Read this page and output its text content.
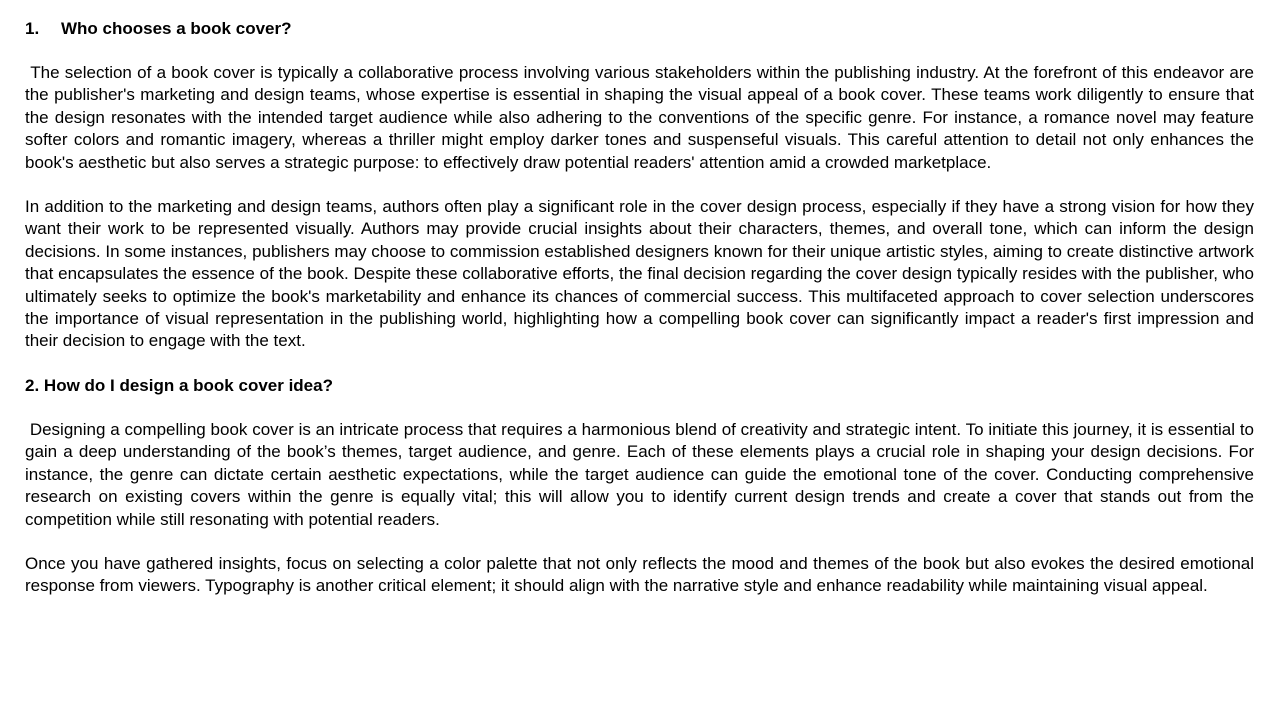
1. Who chooses a book cover?

The selection of a book cover is typically a collaborative process involving various stakeholders within the publishing industry. At the forefront of this endeavor are the publisher's marketing and design teams, whose expertise is essential in shaping the visual appeal of a book cover. These teams work diligently to ensure that the design resonates with the intended target audience while also adhering to the conventions of the specific genre. For instance, a romance novel may feature softer colors and romantic imagery, whereas a thriller might employ darker tones and suspenseful visuals. This careful attention to detail not only enhances the book's aesthetic but also serves a strategic purpose: to effectively draw potential readers' attention amid a crowded marketplace.

In addition to the marketing and design teams, authors often play a significant role in the cover design process, especially if they have a strong vision for how they want their work to be represented visually. Authors may provide crucial insights about their characters, themes, and overall tone, which can inform the design decisions. In some instances, publishers may choose to commission established designers known for their unique artistic styles, aiming to create distinctive artwork that encapsulates the essence of the book. Despite these collaborative efforts, the final decision regarding the cover design typically resides with the publisher, who ultimately seeks to optimize the book's marketability and enhance its chances of commercial success. This multifaceted approach to cover selection underscores the importance of visual representation in the publishing world, highlighting how a compelling book cover can significantly impact a reader's first impression and their decision to engage with the text.

2. How do I design a book cover idea?

Designing a compelling book cover is an intricate process that requires a harmonious blend of creativity and strategic intent. To initiate this journey, it is essential to gain a deep understanding of the book’s themes, target audience, and genre. Each of these elements plays a crucial role in shaping your design decisions. For instance, the genre can dictate certain aesthetic expectations, while the target audience can guide the emotional tone of the cover. Conducting comprehensive research on existing covers within the genre is equally vital; this will allow you to identify current design trends and create a cover that stands out from the competition while still resonating with potential readers.

Once you have gathered insights, focus on selecting a color palette that not only reflects the mood and themes of the book but also evokes the desired emotional response from viewers. Typography is another critical element; it should align with the narrative style and enhance readability while maintaining visual appeal.
